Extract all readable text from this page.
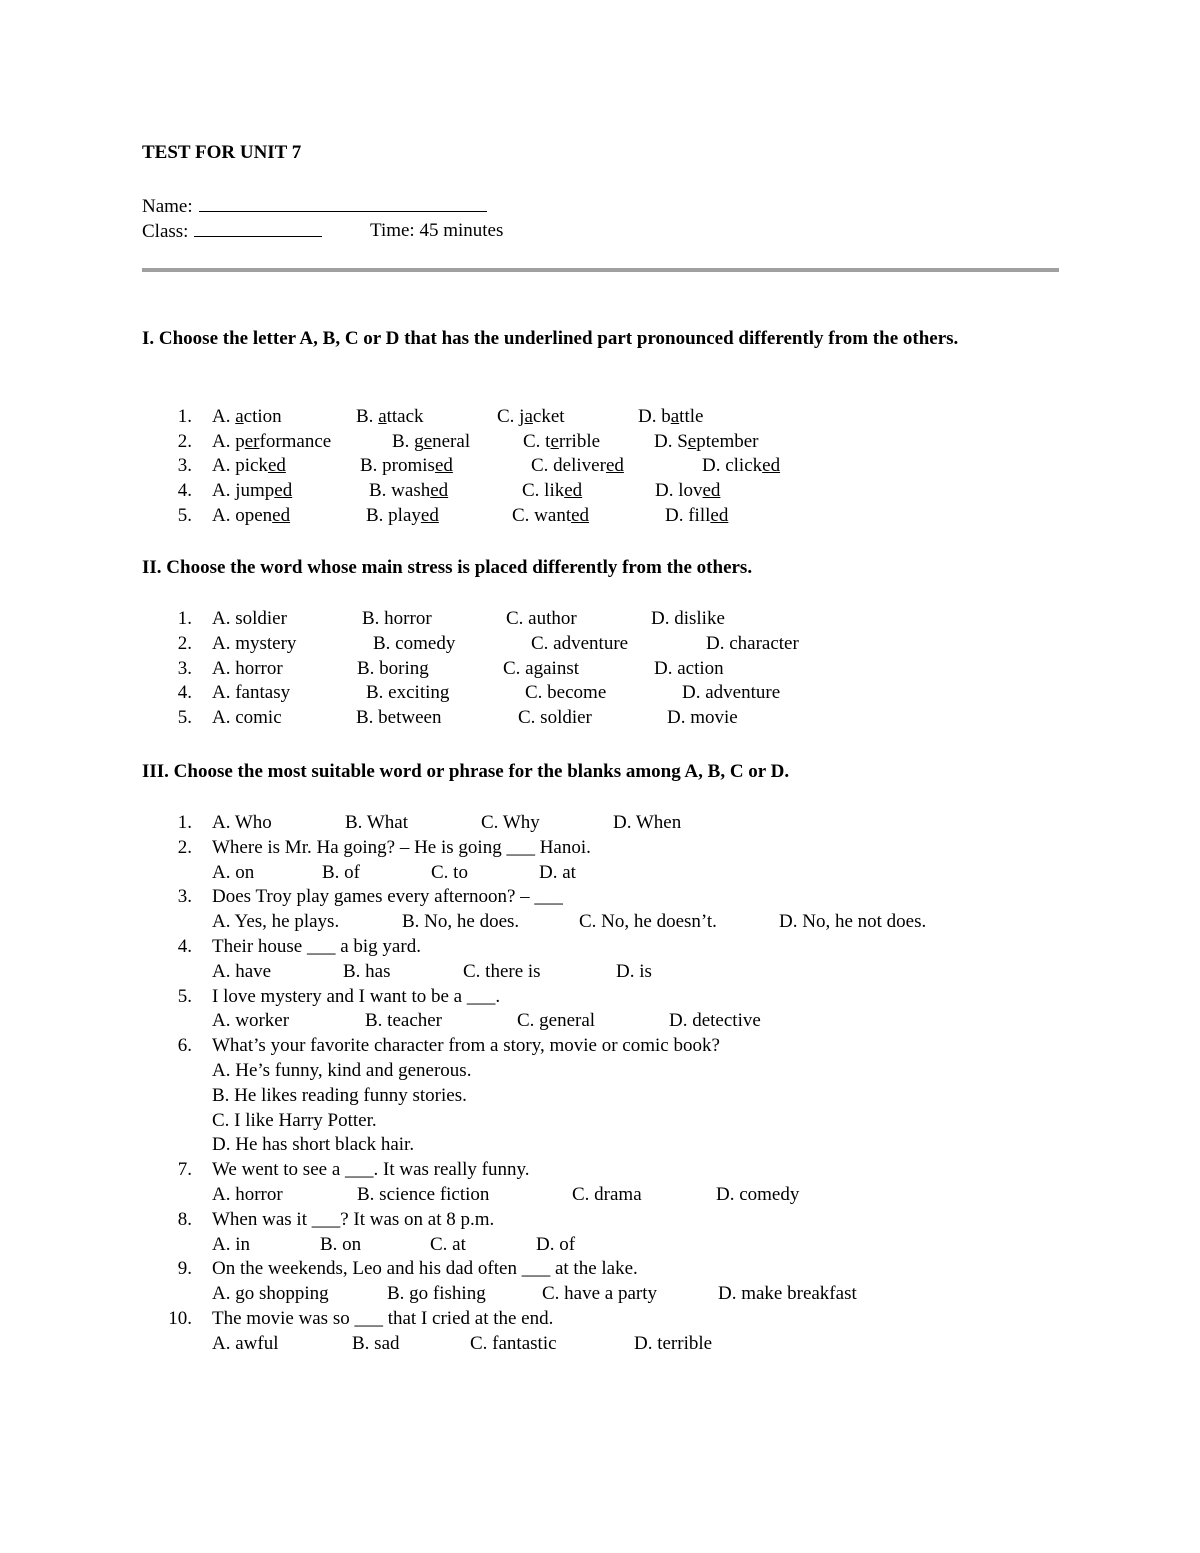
TEST FOR UNIT 7
Name:
Class:	Time: 45 minutes
I. Choose the letter A, B, C or D that has the underlined part pronounced differently from the others.
1. A. action	B. attack	C. jacket	D. battle
2. A. performance	B. general	C. terrible	D. September
3. A. picked	B. promised	C. delivered	D. clicked
4. A. jumped	B. washed	C. liked	D. loved
5. A. opened	B. played	C. wanted	D. filled
II. Choose the word whose main stress is placed differently from the others.
1. A. soldier	B. horror	C. author	D. dislike
2. A. mystery	B. comedy	C. adventure	D. character
3. A. horror	B. boring	C. against	D. action
4. A. fantasy	B. exciting	C. become	D. adventure
5. A. comic	B. between	C. soldier	D. movie
III. Choose the most suitable word or phrase for the blanks among A, B, C or D.
1. A. Who	B. What	C. Why	D. When
2. Where is Mr. Ha going? – He is going ___ Hanoi.
A. on	B. of	C. to	D. at
3. Does Troy play games every afternoon? – ___
A. Yes, he plays.	B. No, he does.	C. No, he doesn’t.	D. No, he not does.
4. Their house ___ a big yard.
A. have	B. has	C. there is	D. is
5. I love mystery and I want to be a ___.
A. worker	B. teacher	C. general	D. detective
6. What’s your favorite character from a story, movie or comic book?
A. He’s funny, kind and generous.
B. He likes reading funny stories.
C. I like Harry Potter.
D. He has short black hair.
7. We went to see a ___. It was really funny.
A. horror	B. science fiction	C. drama	D. comedy
8. When was it ___? It was on at 8 p.m.
A. in	B. on	C. at	D. of
9. On the weekends, Leo and his dad often ___ at the lake.
A. go shopping	B. go fishing	C. have a party	D. make breakfast
10. The movie was so ___ that I cried at the end.
A. awful	B. sad	C. fantastic	D. terrible
